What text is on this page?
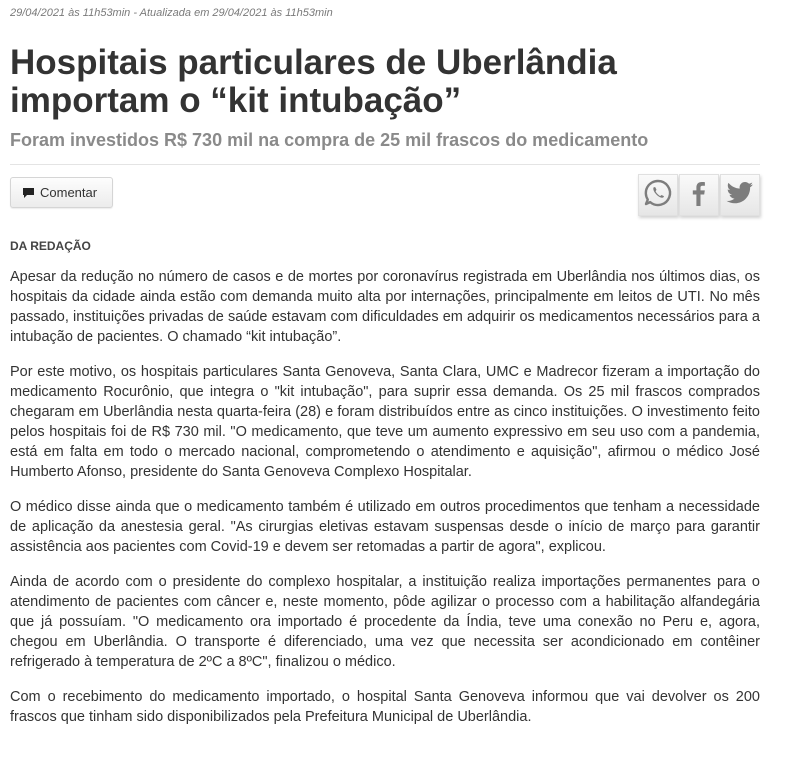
29/04/2021 às 11h53min - Atualizada em 29/04/2021 às 11h53min
Hospitais particulares de Uberlândia importam o “kit intubação”
Foram investidos R$ 730 mil na compra de 25 mil frascos do medicamento
Comentar
DA REDAÇÃO

Apesar da redução no número de casos e de mortes por coronavírus registrada em Uberlândia nos últimos dias, os hospitais da cidade ainda estão com demanda muito alta por internações, principalmente em leitos de UTI. No mês passado, instituições privadas de saúde estavam com dificuldades em adquirir os medicamentos necessários para a intubação de pacientes. O chamado “kit intubação”.

Por este motivo, os hospitais particulares Santa Genoveva, Santa Clara, UMC e Madrecor fizeram a importação do medicamento Rocurônio, que integra o "kit intubação", para suprir essa demanda. Os 25 mil frascos comprados chegaram em Uberlândia nesta quarta-feira (28) e foram distribuídos entre as cinco instituições. O investimento feito pelos hospitais foi de R$ 730 mil. "O medicamento, que teve um aumento expressivo em seu uso com a pandemia, está em falta em todo o mercado nacional, comprometendo o atendimento e aquisição", afirmou o médico José Humberto Afonso, presidente do Santa Genoveva Complexo Hospitalar.

O médico disse ainda que o medicamento também é utilizado em outros procedimentos que tenham a necessidade de aplicação da anestesia geral. "As cirurgias eletivas estavam suspensas desde o início de março para garantir assistência aos pacientes com Covid-19 e devem ser retomadas a partir de agora", explicou.

Ainda de acordo com o presidente do complexo hospitalar, a instituição realiza importações permanentes para o atendimento de pacientes com câncer e, neste momento, pôde agilizar o processo com a habilitação alfandegária que já possuíam. "O medicamento ora importado é procedente da Índia, teve uma conexão no Peru e, agora, chegou em Uberlândia. O transporte é diferenciado, uma vez que necessita ser acondicionado em contêiner refrigerado à temperatura de 2ºC a 8ºC", finalizou o médico.

Com o recebimento do medicamento importado, o hospital Santa Genoveva informou que vai devolver os 200 frascos que tinham sido disponibilizados pela Prefeitura Municipal de Uberlândia.
